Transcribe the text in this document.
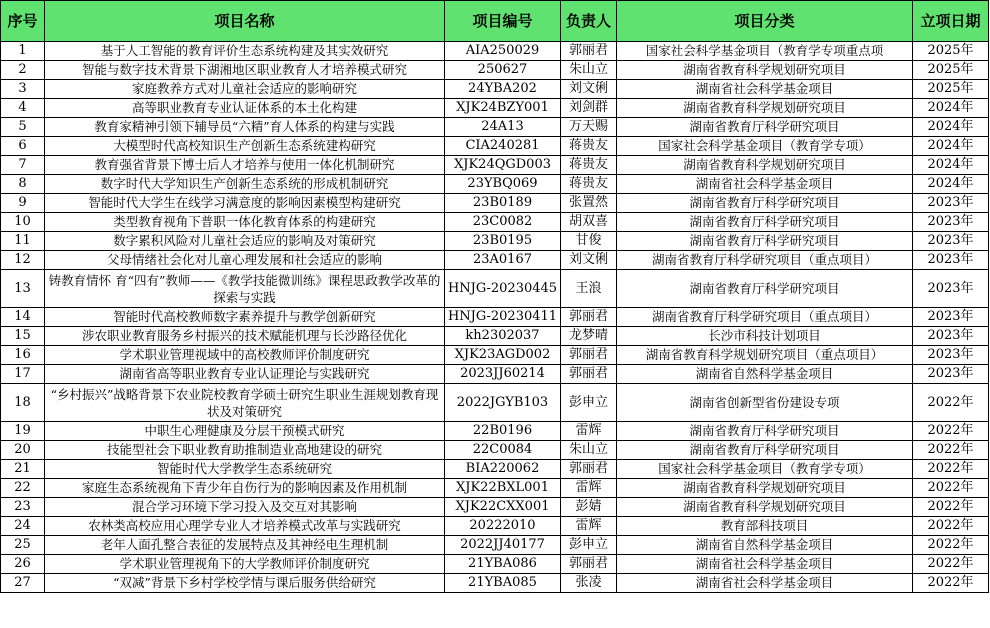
序号	项目名称	项目编号	负责人	项目分类	立项日期
1	基于人工智能的教育评价生态系统构建及其实效研究	AIA250029	郭丽君	国家社会科学基金项目（教育学专项重点项	2025年
2	智能与数字技术背景下湖湘地区职业教育人才培养模式研究	250627	朱山立	湖南省教育科学规划研究项目	2025年
3	家庭教养方式对儿童社会适应的影响研究	24YBA202	刘文俐	湖南省社会科学基金项目	2025年
4	高等职业教育专业认证体系的本土化构建	XJK24BZY001	刘剑群	湖南省教育科学规划研究项目	2024年
5	教育家精神引领下辅导员“六精”育人体系的构建与实践	24A13	万天赐	湖南省教育厅科学研究项目	2024年
6	大模型时代高校知识生产创新生态系统建构研究	CIA240281	蒋贵友	国家社会科学基金项目（教育学专项）	2024年
7	教育强省背景下博士后人才培养与使用一体化机制研究	XJK24QGD003	蒋贵友	湖南省教育科学规划研究项目	2024年
8	数字时代大学知识生产创新生态系统的形成机制研究	23YBQ069	蒋贵友	湖南省社会科学基金项目	2024年
9	智能时代大学生在线学习满意度的影响因素模型构建研究	23B0189	张置然	湖南省教育厅科学研究项目	2023年
10	类型教育视角下普职一体化教育体系的构建研究	23C0082	胡双喜	湖南省教育厅科学研究项目	2023年
11	数字累积风险对儿童社会适应的影响及对策研究	23B0195	甘俊	湖南省教育厅科学研究项目	2023年
12	父母情绪社会化对儿童心理发展和社会适应的影响	23A0167	刘文俐	湖南省教育厅科学研究项目（重点项目）	2023年
13	铸教育情怀 育“四有”教师——《教学技能微训练》课程思政教学改革的探索与实践	HNJG-20230445	王浪	湖南省教育厅科学研究项目	2023年
14	智能时代高校教师数字素养提升与教学创新研究	HNJG-20230411	郭丽君	湖南省教育厅科学研究项目（重点项目）	2023年
15	涉农职业教育服务乡村振兴的技术赋能机理与长沙路径优化	kh2302037	龙梦晴	长沙市科技计划项目	2023年
16	学术职业管理视域中的高校教师评价制度研究	XJK23AGD002	郭丽君	湖南省教育科学规划研究项目（重点项目）	2023年
17	湖南省高等职业教育专业认证理论与实践研究	2023JJ60214	郭丽君	湖南省自然科学基金项目	2023年
18	“乡村振兴”战略背景下农业院校教育学硕士研究生职业生涯规划教育现状及对策研究	2022JGYB103	彭申立	湖南省创新型省份建设专项	2022年
19	中职生心理健康及分层干预模式研究	22B0196	雷辉	湖南省教育厅科学研究项目	2022年
20	技能型社会下职业教育助推制造业高地建设的研究	22C0084	朱山立	湖南省教育厅科学研究项目	2022年
21	智能时代大学教学生态系统研究	BIA220062	郭丽君	国家社会科学基金项目（教育学专项）	2022年
22	家庭生态系统视角下青少年自伤行为的影响因素及作用机制	XJK22BXL001	雷辉	湖南省教育科学规划研究项目	2022年
23	混合学习环境下学习投入及交互对其影响	XJK22CXX001	彭婧	湖南省教育科学规划研究项目	2022年
24	农林类高校应用心理学专业人才培养模式改革与实践研究	20222010	雷辉	教育部科技项目	2022年
25	老年人面孔整合表征的发展特点及其神经电生理机制	2022JJ40177	彭申立	湖南省自然科学基金项目	2022年
26	学术职业管理视角下的大学教师评价制度研究	21YBA086	郭丽君	湖南省社会科学基金项目	2022年
27	“双减”背景下乡村学校学情与课后服务供给研究	21YBA085	张凌	湖南省社会科学基金项目	2022年
